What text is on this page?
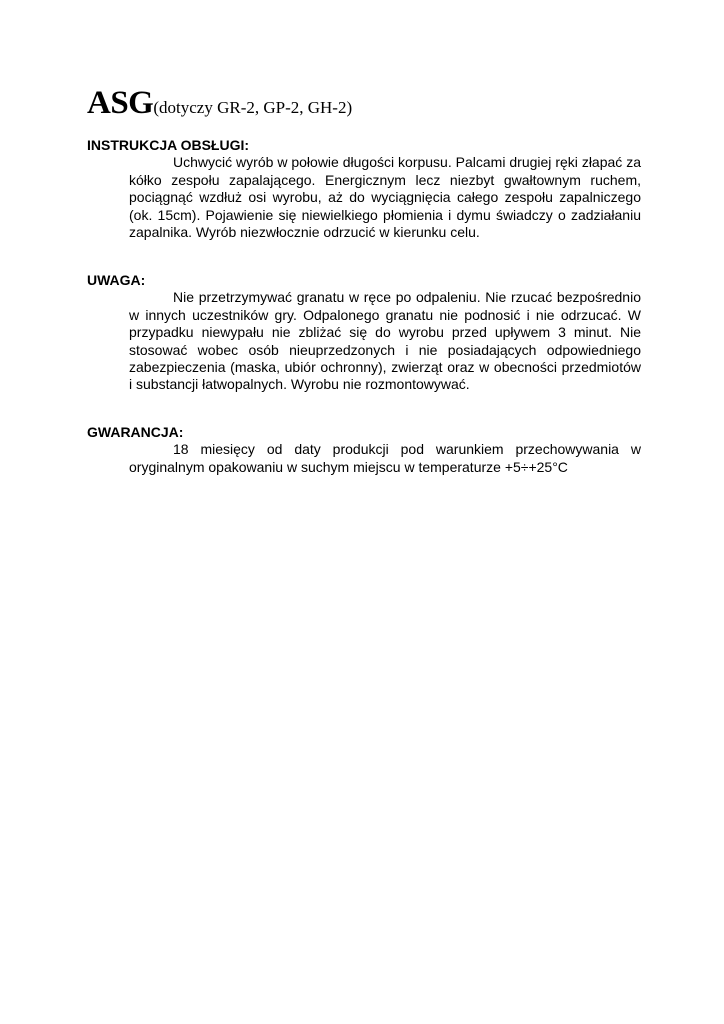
ASG(dotyczy GR-2, GP-2, GH-2)

INSTRUKCJA OBSŁUGI:

Uchwycić wyrób w połowie długości korpusu. Palcami drugiej ręki złapać za kółko zespołu zapalającego. Energicznym lecz niezbyt gwałtownym ruchem, pociągnąć wzdłuż osi wyrobu, aż do wyciągnięcia całego zespołu zapalniczego (ok. 15cm). Pojawienie się niewielkiego płomienia i dymu świadczy o zadziałaniu zapalnika. Wyrób niezwłocznie odrzucić w kierunku celu.

UWAGA:

Nie przetrzymywać granatu w ręce po odpaleniu. Nie rzucać bezpośrednio w innych uczestników gry. Odpalonego granatu nie podnosić i nie odrzucać. W przypadku niewypału nie zbliżać się do wyrobu przed upływem 3 minut. Nie stosować wobec osób nieuprzedzonych i nie posiadających odpowiedniego zabezpieczenia (maska, ubiór ochronny), zwierząt oraz w obecności przedmiotów i substancji łatwopalnych. Wyrobu nie rozmontowywać.

GWARANCJA:

18 miesięcy od daty produkcji pod warunkiem przechowywania w oryginalnym opakowaniu w suchym miejscu w temperaturze +5÷+25°C
